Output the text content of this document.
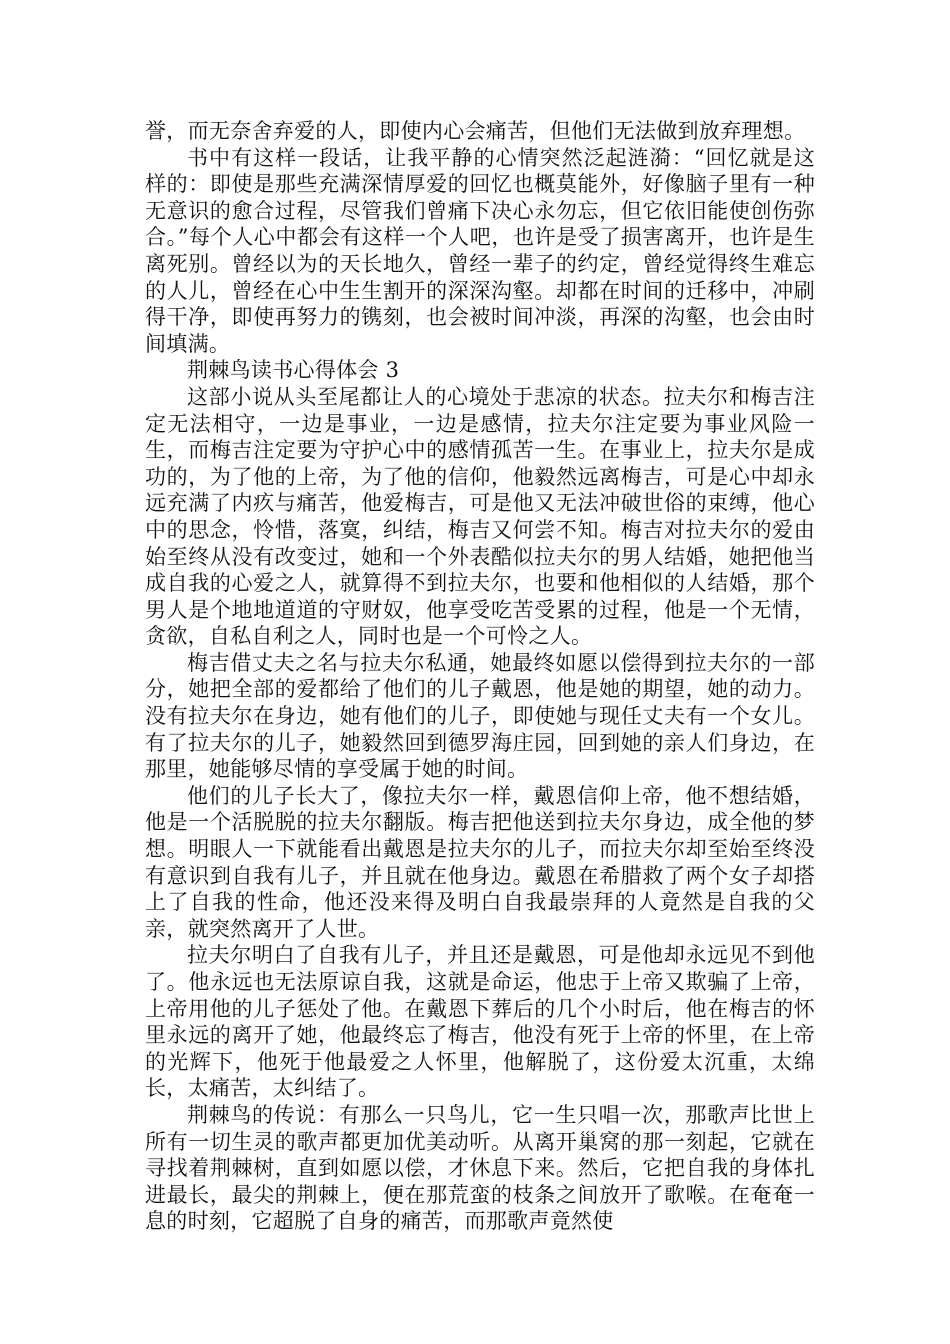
誉，而无奈舍弃爱的人，即使内心会痛苦，但他们无法做到放弃理想。

书中有这样一段话，让我平静的心情突然泛起涟漪：“回忆就是这样的：即使是那些充满深情厚爱的回忆也概莫能外，好像脑子里有一种无意识的愈合过程，尽管我们曾痛下决心永勿忘，但它依旧能使创伤弥合。”每个人心中都会有这样一个人吧，也许是受了损害离开，也许是生离死别。曾经以为的天长地久，曾经一辈子的约定，曾经觉得终生难忘的人儿，曾经在心中生生割开的深深沟壑。却都在时间的迁移中，冲刷得干净，即使再努力的镌刻，也会被时间冲淡，再深的沟壑，也会由时间填满。

荆棘鸟读书心得体会 3

这部小说从头至尾都让人的心境处于悲凉的状态。拉夫尔和梅吉注定无法相守，一边是事业，一边是感情，拉夫尔注定要为事业风险一生，而梅吉注定要为守护心中的感情孤苦一生。在事业上，拉夫尔是成功的，为了他的上帝，为了他的信仰，他毅然远离梅吉，可是心中却永远充满了内疚与痛苦，他爱梅吉，可是他又无法冲破世俗的束缚，他心中的思念，怜惜，落寞，纠结，梅吉又何尝不知。梅吉对拉夫尔的爱由始至终从没有改变过，她和一个外表酷似拉夫尔的男人结婚，她把他当成自我的心爱之人，就算得不到拉夫尔，也要和他相似的人结婚，那个男人是个地地道道的守财奴，他享受吃苦受累的过程，他是一个无情，贪欲，自私自利之人，同时也是一个可怜之人。

梅吉借丈夫之名与拉夫尔私通，她最终如愿以偿得到拉夫尔的一部分，她把全部的爱都给了他们的儿子戴恩，他是她的期望，她的动力。没有拉夫尔在身边，她有他们的儿子，即使她与现任丈夫有一个女儿。有了拉夫尔的儿子，她毅然回到德罗海庄园，回到她的亲人们身边，在那里，她能够尽情的享受属于她的时间。

他们的儿子长大了，像拉夫尔一样，戴恩信仰上帝，他不想结婚，他是一个活脱脱的拉夫尔翻版。梅吉把他送到拉夫尔身边，成全他的梦想。明眼人一下就能看出戴恩是拉夫尔的儿子，而拉夫尔却至始至终没有意识到自我有儿子，并且就在他身边。戴恩在希腊救了两个女子却搭上了自我的性命，他还没来得及明白自我最崇拜的人竟然是自我的父亲，就突然离开了人世。

拉夫尔明白了自我有儿子，并且还是戴恩，可是他却永远见不到他了。他永远也无法原谅自我，这就是命运，他忠于上帝又欺骗了上帝，上帝用他的儿子惩处了他。在戴恩下葬后的几个小时后，他在梅吉的怀里永远的离开了她，他最终忘了梅吉，他没有死于上帝的怀里，在上帝的光辉下，他死于他最爱之人怀里，他解脱了，这份爱太沉重，太绵长，太痛苦，太纠结了。

荆棘鸟的传说：有那么一只鸟儿，它一生只唱一次，那歌声比世上所有一切生灵的歌声都更加优美动听。从离开巢窝的那一刻起，它就在寻找着荆棘树，直到如愿以偿，才休息下来。然后，它把自我的身体扎进最长，最尖的荆棘上，便在那荒蛮的枝条之间放开了歌喉。在奄奄一息的时刻，它超脱了自身的痛苦，而那歌声竟然使
